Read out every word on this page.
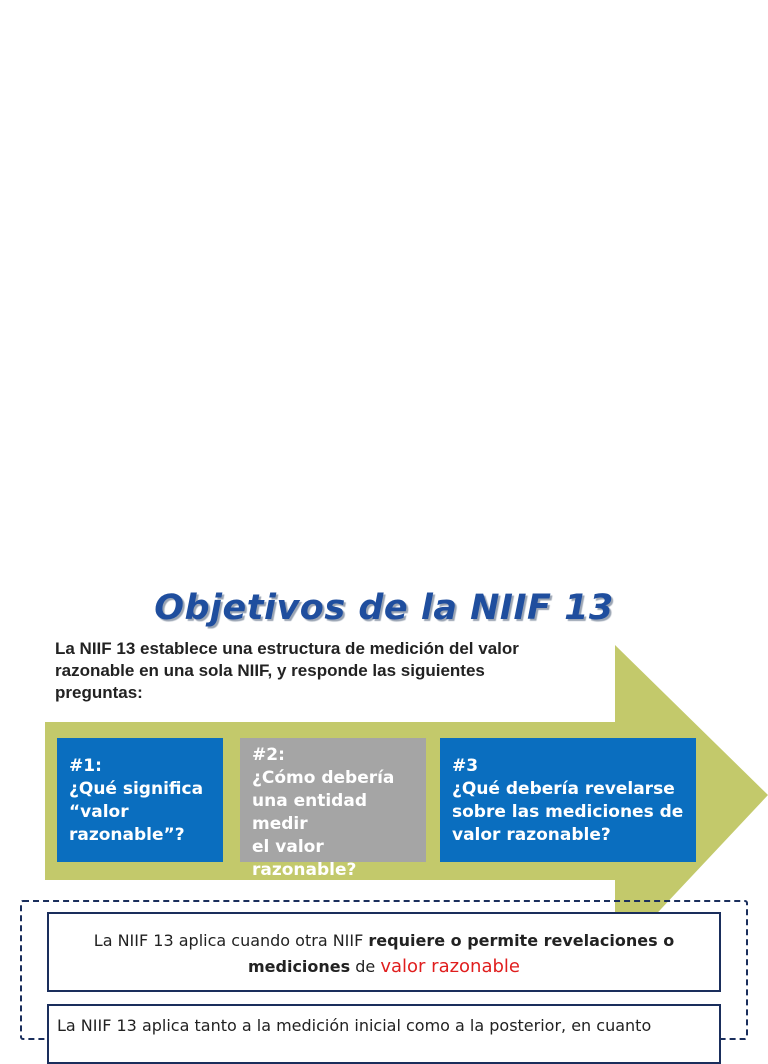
Objetivos de la NIIF 13
La NIIF 13 establece una estructura de medición del valor
razonable en una sola NIIF, y responde las siguientes
preguntas:
#1:
¿Qué significa
“valor
razonable”?
#2:
¿Cómo debería
una entidad medir
el valor
razonable?
#3
¿Qué debería revelarse
sobre las mediciones de
valor razonable?
La NIIF 13 aplica cuando otra NIIF requiere o permite revelaciones o
mediciones de valor razonable
La NIIF 13 aplica tanto a la medición inicial como a la posterior, en cuanto
